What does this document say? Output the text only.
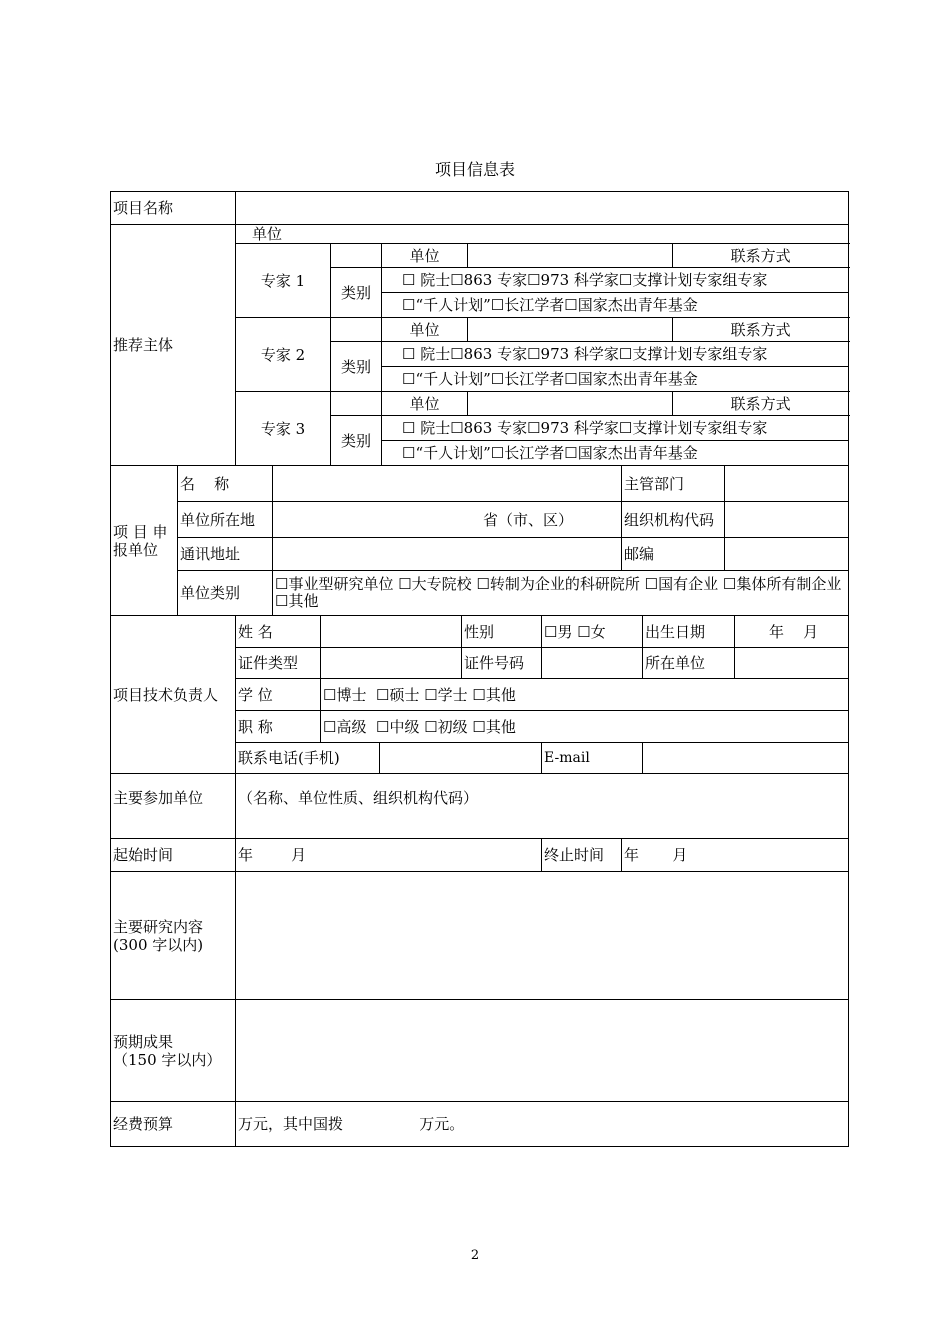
项目信息表
项目名称																
推荐主体		单位														
		专家 1					单位						联系方式			
					类别		☐ 院士☐863 专家☐973 科学家☐支撑计划专家组专家									
							☐“千人计划”☐长江学者☐国家杰出青年基金									
		专家 2					单位						联系方式			
					类别		☐ 院士☐863 专家☐973 科学家☐支撑计划专家组专家									
							☐“千人计划”☐长江学者☐国家杰出青年基金									
		专家 3					单位						联系方式			
					类别		☐ 院士☐863 专家☐973 科学家☐支撑计划专家组专家									
							☐“千人计划”☐长江学者☐国家杰出青年基金									

项 目 申
报单位	名    称										主管部门					
	单位所在地		省（市、区）								组织机构代码					
	通讯地址										邮编					
	单位类别		☐事业型研究单位 ☐大专院校 ☐转制为企业的科研院所 ☐国有企业 ☐集体所有制企业☐其他													
项目技术负责人		姓 名						性别		☐男 ☐女		出生日期			年    月	
		证件类型						证件号码				所在单位				
		学 位		☐博士  ☐硕士 ☐学士 ☐其他												
		职 称		☐高级  ☐中级 ☐初级 ☐其他												
		联系电话(手机)								E-mail						
主要参加单位		（名称、单位性质、组织机构代码）														
起始时间		年        月								终止时间	年       月					

主要研究内容
(300 字以内)																

预期成果
（150 字以内）																

经费预算		万元，其中国拨                万元。														
2
